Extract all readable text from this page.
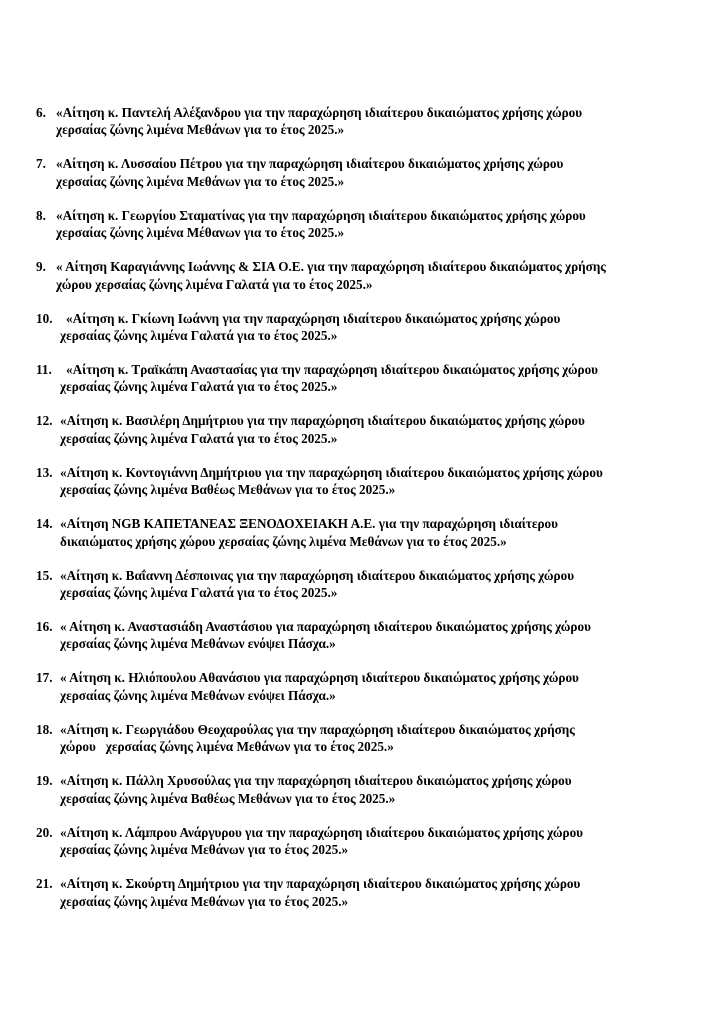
6. «Αίτηση κ. Παντελή Αλέξανδρου για την παραχώρηση ιδιαίτερου δικαιώματος χρήσης χώρου
χερσαίας ζώνης λιμένα Μεθάνων για το έτος 2025.»
7. «Αίτηση κ. Λυσσαίου Πέτρου για την παραχώρηση ιδιαίτερου δικαιώματος χρήσης χώρου
χερσαίας ζώνης λιμένα Μεθάνων για το έτος 2025.»
8. «Αίτηση κ. Γεωργίου Σταματίνας για την παραχώρηση ιδιαίτερου δικαιώματος χρήσης χώρου
χερσαίας ζώνης λιμένα Μέθανων για το έτος 2025.»
9. « Αίτηση Καραγιάννης Ιωάννης & ΣΙΑ Ο.Ε. για την παραχώρηση ιδιαίτερου δικαιώματος χρήσης
χώρου χερσαίας ζώνης λιμένα Γαλατά για το έτος 2025.»
10.	«Αίτηση κ. Γκίωνη Ιωάννη για την παραχώρηση ιδιαίτερου δικαιώματος χρήσης χώρου
χερσαίας ζώνης λιμένα Γαλατά για το έτος 2025.»
11.	«Αίτηση κ. Τραϊκάπη Αναστασίας για την παραχώρηση ιδιαίτερου δικαιώματος χρήσης χώρου
χερσαίας ζώνης λιμένα Γαλατά για το έτος 2025.»
12. «Αίτηση κ. Βασιλέρη Δημήτριου για την παραχώρηση ιδιαίτερου δικαιώματος χρήσης χώρου
χερσαίας ζώνης λιμένα Γαλατά για το έτος 2025.»
13. «Αίτηση κ. Κοντογιάννη Δημήτριου για την παραχώρηση ιδιαίτερου δικαιώματος χρήσης χώρου
χερσαίας ζώνης λιμένα Βαθέως Μεθάνων για το έτος 2025.»
14. «Αίτηση NGB ΚΑΠΕΤΑΝΕΑΣ ΞΕΝΟΔΟΧΕΙΑΚΗ Α.Ε. για την παραχώρηση ιδιαίτερου
δικαιώματος χρήσης χώρου χερσαίας ζώνης λιμένα Μεθάνων για το έτος 2025.»
15. «Αίτηση κ. Βαΐαννη Δέσποινας για την παραχώρηση ιδιαίτερου δικαιώματος χρήσης χώρου
χερσαίας ζώνης λιμένα Γαλατά για το έτος 2025.»
16. « Αίτηση κ. Αναστασιάδη Αναστάσιου για παραχώρηση ιδιαίτερου δικαιώματος χρήσης χώρου
χερσαίας ζώνης λιμένα Μεθάνων ενόψει Πάσχα.»
17. « Αίτηση κ. Ηλιόπουλου Αθανάσιου για παραχώρηση ιδιαίτερου δικαιώματος χρήσης χώρου
χερσαίας ζώνης λιμένα Μεθάνων ενόψει Πάσχα.»
18. «Αίτηση κ. Γεωργιάδου Θεοχαρούλας για την παραχώρηση ιδιαίτερου δικαιώματος χρήσης
χώρου   χερσαίας ζώνης λιμένα Μεθάνων για το έτος 2025.»
19. «Αίτηση κ. Πάλλη Χρυσούλας για την παραχώρηση ιδιαίτερου δικαιώματος χρήσης χώρου
χερσαίας ζώνης λιμένα Βαθέως Μεθάνων για το έτος 2025.»
20. «Αίτηση κ. Λάμπρου Ανάργυρου για την παραχώρηση ιδιαίτερου δικαιώματος χρήσης χώρου
χερσαίας ζώνης λιμένα Μεθάνων για το έτος 2025.»
21. «Αίτηση κ. Σκούρτη Δημήτριου για την παραχώρηση ιδιαίτερου δικαιώματος χρήσης χώρου
χερσαίας ζώνης λιμένα Μεθάνων για το έτος 2025.»
